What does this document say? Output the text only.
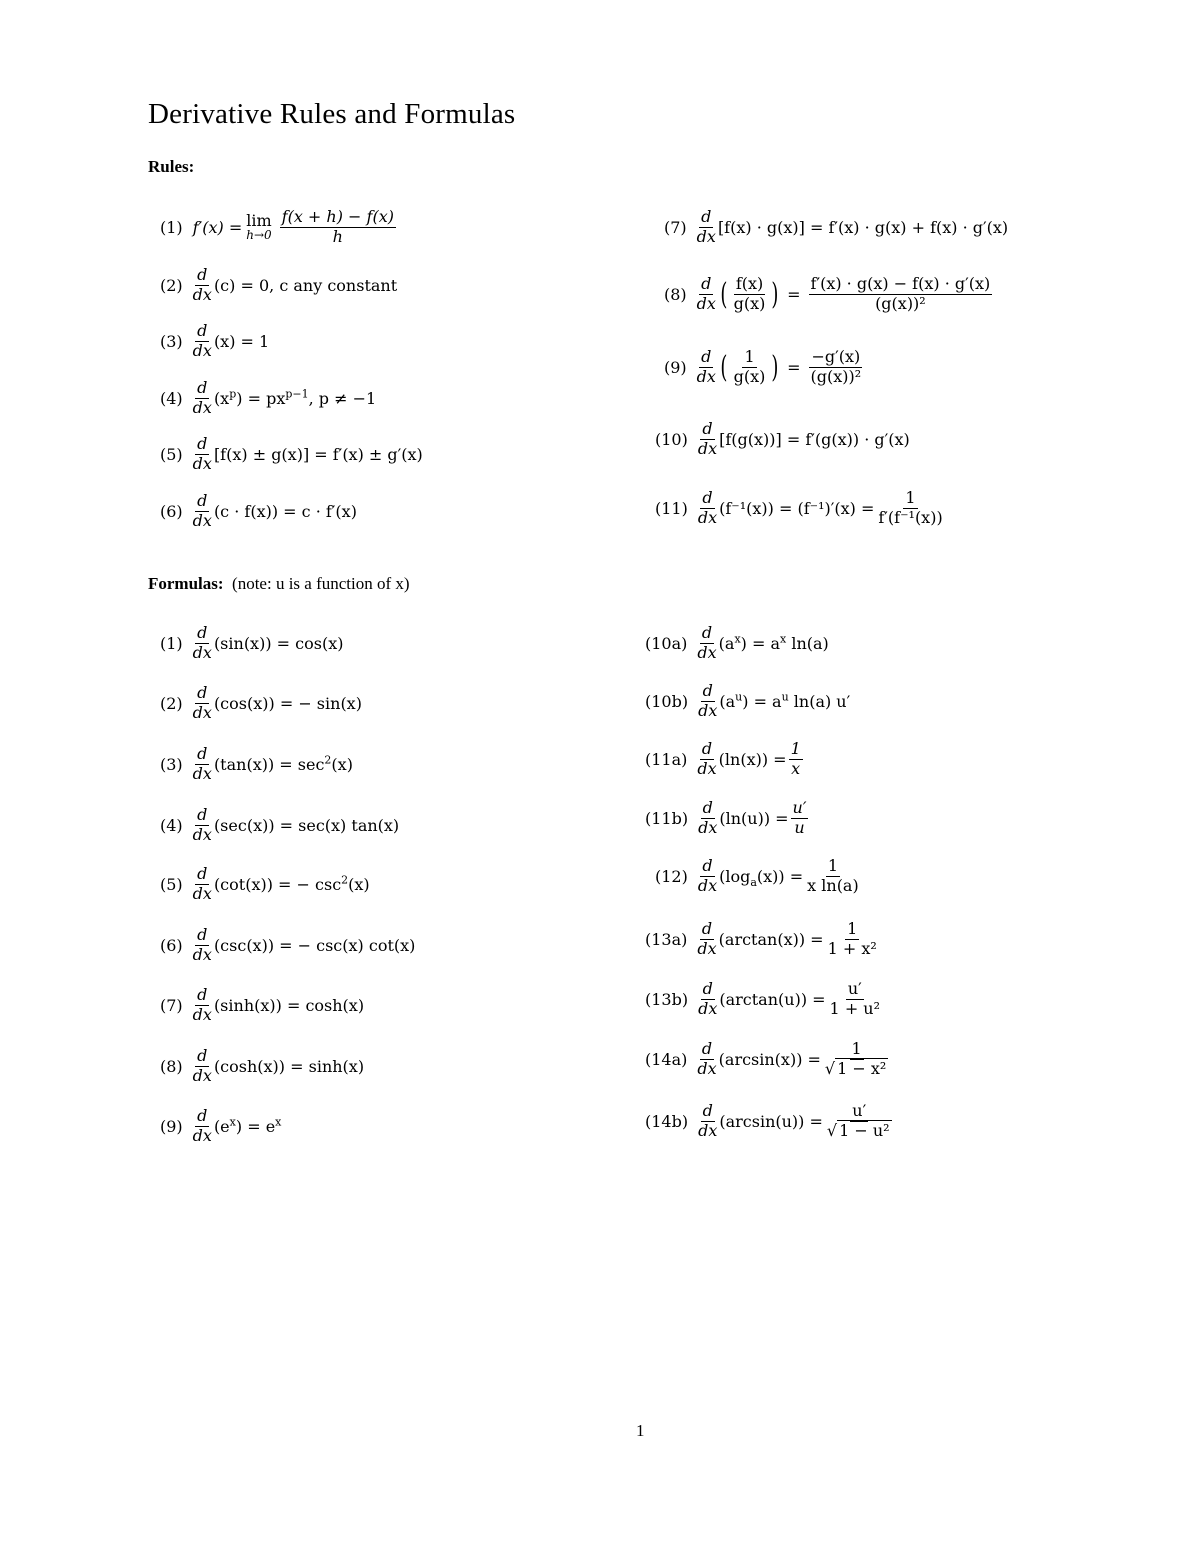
Derivative Rules and Formulas
Rules:
(1) f′(x) = lim
$h\to 0 \frac{f(x + h) - f(x)}{h}$
(2)
d
dx (c) = 0, c any constant
(3)
d
dx (x) = 1
(4)
d
dx $(x^p) = px^{p-1}$, p ≠ −1
(5)
d
dx [f(x) ± g(x)] = f′(x) ± g′(x)
(6)
d
dx (c · f(x)) = c · f′(x)
(7)
d
dx [f(x) · g(x)] = f′(x) · g(x) + f(x) · g′(x)
(8)
d
dx ( $\frac{f(x)}{g(x)}$ ) = $\frac{f'(x) \cdot g(x) - f(x) \cdot g'(x)}{\text{(g(x))²}}$
(9)
d
dx ( $\frac{1}{g(x)}$ ) = $\frac{-g'(x)}{\text{(g(x))²}}$
(10)
d
dx [f(g(x))] = f′(g(x)) · g′(x)
(11)
d
dx $(f^{-1}(x)) = (f^{-1})'(x) = \frac{1}{\text{f′(f⁻¹(x))}}$
Formulas: (note: u is a function of x)
(1)
d
dx (sin(x)) = cos(x)
(2)
d
dx (cos(x)) = − sin(x)
(3)
d
dx $(\tan(x)) = \sec^2(x)$
(4)
d
dx (sec(x)) = sec(x) tan(x)
(5)
d
dx (cot(x)) = − $\csc^2(x)$
(6)
d
dx (csc(x)) = − csc(x) cot(x)
(7)
d
dx (sinh(x)) = cosh(x)
(8)
d
dx (cosh(x)) = sinh(x)
(9)
d
dx $(e^x) = e^x$
(10a)
d
dx $(a^x) = a^x$ ln(a)
(10b)
d
dx $(a^u) = a^u$ ln(a) u′
(11a)
d
dx $(\ln(x)) = \frac{1}{x}$
(11b)
d
dx $(\ln(u)) = \frac{u'}{u}$
(12)
d
dx $(\log_a(x)) = \frac{1}{\text{x ln(a)}}$
(13a)
d
dx $(\arctan(x)) = \frac{1}{\text{1 + x²}}$
(13b)
d
dx $(\arctan(u)) = \frac{u'}{\text{1 + u²}}$
(14a)
d
dx $(\arcsin(x)) = \frac{1}{\text{√ 1 − x²}}$
(14b)
d
dx $(\arcsin(u)) = \frac{u'}{\text{√ 1 − u²}}$
1
